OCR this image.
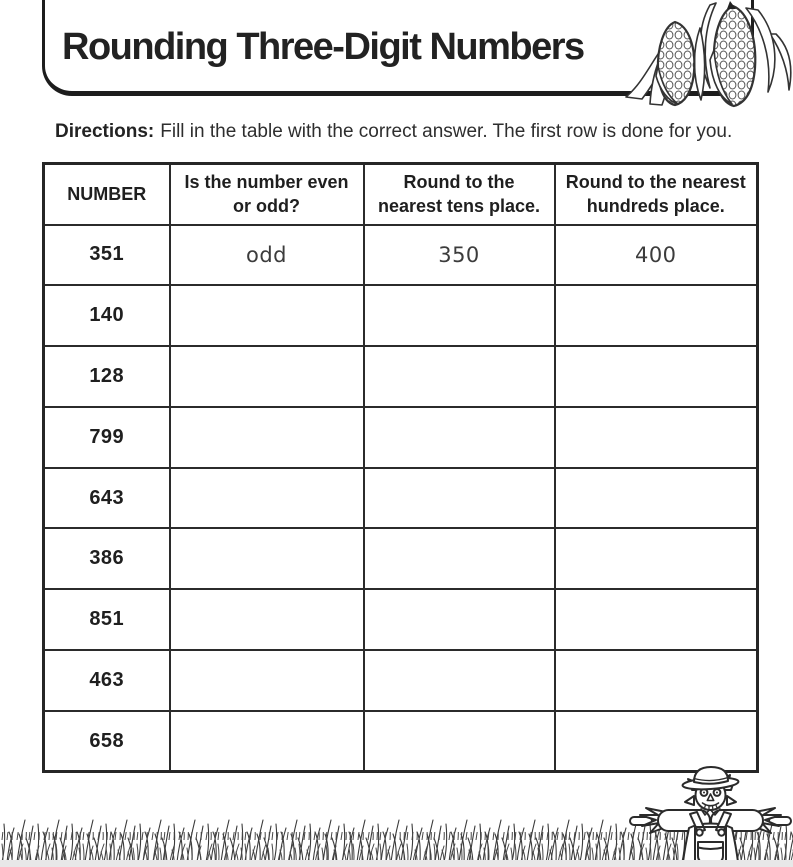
Rounding Three-Digit Numbers
Directions: Fill in the table with the correct answer. The first row is done for you.
NUMBER	Is the number even or odd?	Round to the nearest tens place.	Round to the nearest hundreds place.
351	odd	350	400
140			
128			
799			
643			
386			
851			
463			
658			
